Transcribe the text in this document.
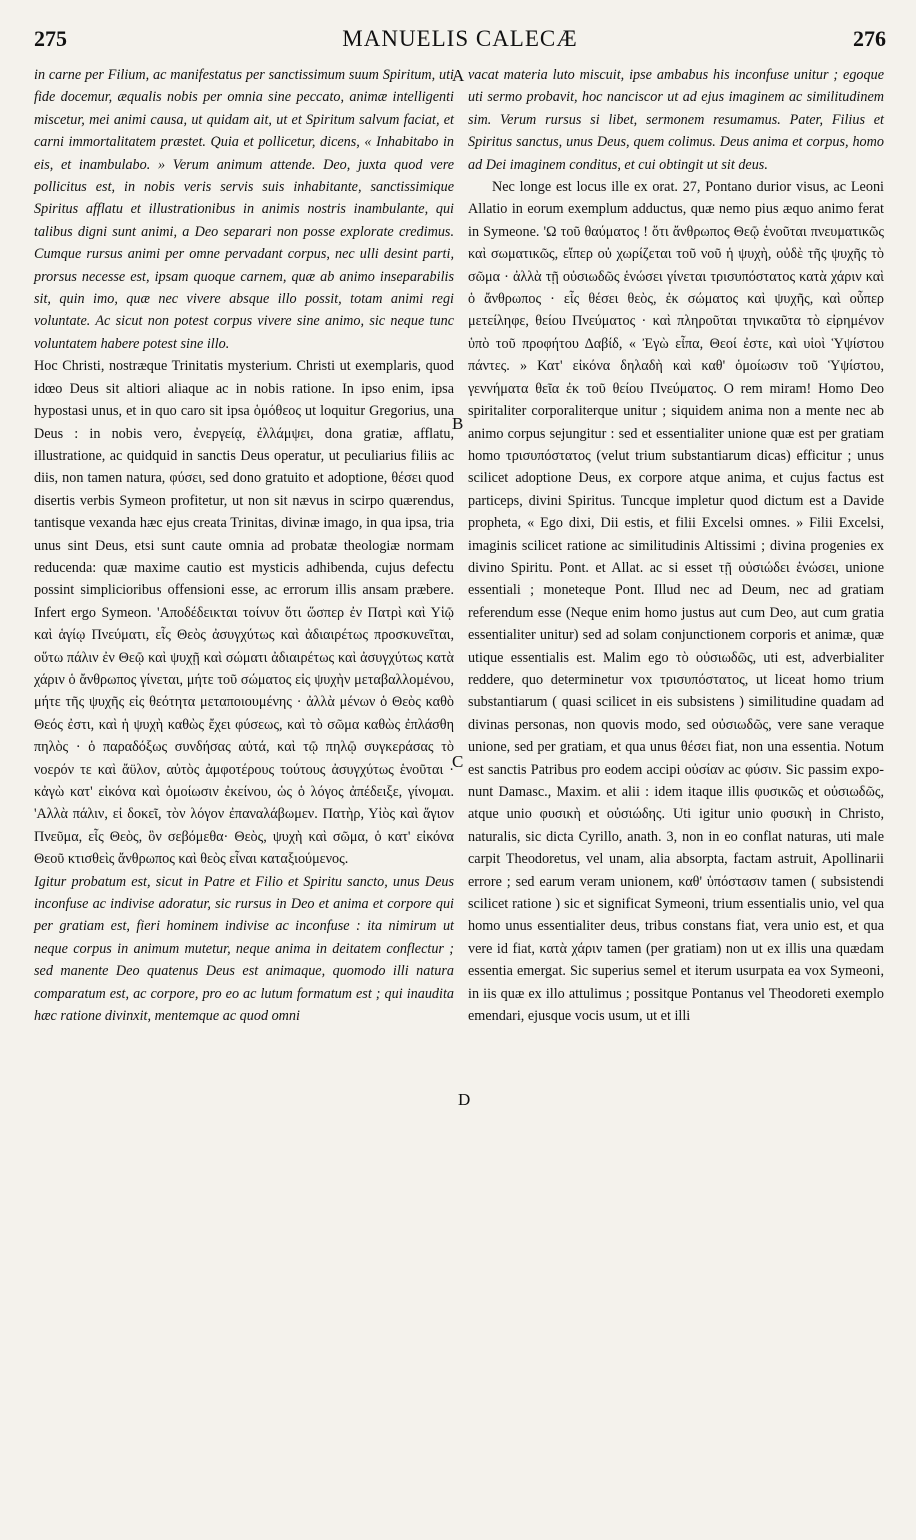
275	MANUELIS CALECÆ	276

in carne per Filium, ac manifestatus per sanctissimum suum Spiritum, uti fide docemur, æqualis nobis per omnia sine peccato, animæ intelligenti miscetur, mei animi causa, ut quidam ait, ut et Spiritum salvum faciat, et carni immortalitatem præstet. Quia et pollicetur, dicens, « Inhabitabo in eis, et inambulabo. » Verum animum attende. Deo, juxta quod vere pollicitus est, in nobis veris servis suis inhabitante, sanctissimique Spiritus afflatu et illustrationibus in animis nostris inambulante, qui talibus digni sunt animi, a Deo separari non posse explorate credimus. Cumque rursus animi per omne pervadant corpus, nec ulli desint parti, prorsus necesse est, ipsam quoque carnem, quæ ab animo inseparabilis sit, quin imo, quæ nec vivere absque illo possit, totam animi regi voluntate. Ac sicut non potest corpus vivere sine animo, sic neque tunc voluntatem habere potest sine illo.

Hoc Christi, nostræque Trinitatis mysterium. Christi ut exemplaris, quod idœo Deus sit altiori aliaque ac in nobis ratione. In ipso enim, ipsa hypostasi unus, et in quo caro sit ipsa ὁμόθεος ut loquitur Gregorius, una Deus : in nobis vero, ἐνεργείᾳ, ἐλλάμψει, dona gratiæ, afflatu, illustratione, ac quidquid in sanctis Deus operatur, ut peculiarius filiis ac diis, non tamen natura, φύσει, sed dono gratuito et adoptione, θέσει quod disertis verbis Symeon profitetur, ut non sit nævus in scirpo quærendus, tantisque vexanda hæc ejus creata Trinitas, divinæ imago, in qua ipsa, tria unus sint Deus, etsi sunt caute omnia ad probatæ theologiæ normam reducenda: quæ maxime cautio est mysticis adhibenda, cujus defectu possint simplicioribus offensioni esse, ac errorum illis ansam præbere. Infert ergo Symeon. 'Αποδέδεικται τοίνυν ὅτι ὥσπερ ἐν Πατρὶ καὶ Υἱῷ καὶ ἁγίῳ Πνεύματι, εἷς Θεὸς ἀσυγχύτως καὶ ἀδιαιρέτως προσκυνεῖται, οὕτω πάλιν ἐν Θεῷ καὶ ψυχῇ καὶ σώματι ἀδιαιρέτως καὶ ἀσυγχύτως κατὰ χάριν ὁ ἄνθρωπος γίνεται, μήτε τοῦ σώματος εἰς ψυχὴν μεταβαλλομένου, μήτε τῆς ψυχῆς εἰς θεότητα μεταποιουμένης · ἀλλὰ μένων ὁ Θεὸς καθὸ Θεός ἐστι, καὶ ἡ ψυχὴ καθὼς ἔχει φύσεως, καὶ τὸ σῶμα καθὼς ἐπλάσθη πηλὸς · ὁ παραδόξως συνδήσας αὐτά, καὶ τῷ πηλῷ συγκεράσας τὸ νοερόν τε καὶ ἄϋλον, αὐτὸς ἀμφοτέρους τούτους ἀσυγχύτως ἑνοῦται · κἀγὼ κατ' εἰκόνα καὶ ὁμοίωσιν ἐκείνου, ὡς ὁ λόγος ἀπέδειξε, γίνομαι. 'Αλλὰ πάλιν, εἰ δοκεῖ, τὸν λόγον ἐπαναλάβωμεν. Πατὴρ, Υἱὸς καὶ ἅγιον Πνεῦμα, εἷς Θεὸς, ὃν σεβόμεθα· Θεὸς, ψυχὴ καὶ σῶμα, ὁ κατ' εἰκόνα Θεοῦ κτισθεὶς ἄνθρωπος καὶ θεὸς εἶναι καταξιούμενος.

Igitur probatum est, sicut in Patre et Filio et Spiritu sancto, unus Deus inconfuse ac indivise adoratur, sic rursus in Deo et anima et corpore qui per gratiam est, fieri hominem indivise ac inconfuse : ita nimirum ut neque corpus in animum mutetur, neque anima in deitatem conflectur ; sed manente Deo quatenus Deus est animaque, quomodo illi natura comparatum est, ac corpore, pro eo ac lutum formatum est ; qui inaudita hæc ratione divinxit, mentemque ac quod omni

vacat materia luto miscuit, ipse ambabus his inconfuse unitur ; egoque uti sermo probavit, hoc nanciscor ut ad ejus imaginem ac similitudinem sim. Verum rursus si libet, sermonem resumamus. Pater, Filius et Spiritus sanctus, unus Deus, quem colimus. Deus anima et corpus, homo ad Dei imaginem conditus, et cui obtingit ut sit deus.

Nec longe est locus ille ex orat. 27, Pontano durior visus, ac Leoni Allatio in eorum exemplum adductus, quæ nemo pius æquo animo ferat in Symeone. 'Ω τοῦ θαύματος ! ὅτι ἄνθρωπος Θεῷ ἑνοῦται πνευματικῶς καὶ σωματικῶς, εἴπερ οὐ χωρίζεται τοῦ νοῦ ἡ ψυχὴ, οὐδὲ τῆς ψυχῆς τὸ σῶμα · ἀλλὰ τῇ οὐσιωδῶς ἑνώσει γίνεται τρισυπόστατος κατὰ χάριν καὶ ὁ ἄνθρωπος · εἷς θέσει θεὸς, ἐκ σώματος καὶ ψυχῆς, καὶ οὗπερ μετείληφε, θείου Πνεύματος · καὶ πληροῦται τηνικαῦτα τὸ εἰρημένον ὑπὸ τοῦ προφήτου Δαβίδ, « Ἐγὼ εἶπα, Θεοί ἐστε, καὶ υἱοὶ Ὑψίστου πάντες. » Κατ' εἰκόνα δηλαδὴ καὶ καθ' ὁμοίωσιν τοῦ Ὑψίστου, γεννήματα θεῖα ἐκ τοῦ θείου Πνεύματος. O rem miram! Homo Deo spiritaliter corporaliterque unitur ; siquidem anima non a mente nec ab animo corpus sejungitur : sed et essentialiter unione quæ est per gratiam homo τρισυπόστατος (velut trium substantiarum dicas) efficitur ; unus scilicet adoptione Deus, ex corpore atque anima, et cujus factus est particeps, divini Spiritus. Tuncque impletur quod dictum est a Davide propheta, « Ego dixi, Dii estis, et filii Excelsi omnes. » Filii Excelsi, imaginis scilicet ratione ac similitudinis Altissimi ; divina progenies ex divino Spiritu. Pont. et Allat. ac si esset τῇ οὐσιώδει ἑνώσει, unione essentiali ; moneteque Pont. Illud nec ad Deum, nec ad gratiam referendum esse (Neque enim homo justus aut cum Deo, aut cum gratia essentialiter unitur) sed ad solam conjunctionem corporis et animæ, quæ utique essentialis est. Malim ego τὸ οὐσιωδῶς, uti est, adverbialiter reddere, quo determinetur vox τρισυπόστατος, ut liceat homo trium substantiarum ( quasi scilicet in eis subsistens ) similitudine quadam ad divinas personas, non quovis modo, sed οὐσιωδῶς, vere sane veraque unione, sed per gratiam, et qua unus θέσει fiat, non una essentia. Notum est sanctis Patribus pro eodem accipi οὐσίαν ac φύσιν. Sic passim expo-nunt Damasc., Maxim. et alii : idem itaque illis φυσικῶς et οὐσιωδῶς, atque unio φυσικὴ et οὐσιώδης. Uti igitur unio φυσικὴ in Christo, naturalis, sic dicta Cyrillo, anath. 3, non in eo conflat naturas, uti male carpit Theodoretus, vel unam, alia absorpta, factam astruit, Apollinarii errore ; sed earum veram unionem, καθ' ὑπόστασιν tamen ( subsistendi scilicet ratione ) sic et significat Symeoni, trium essentialis unio, vel qua homo unus essentialiter deus, tribus constans fiat, vera unio est, et qua vere id fiat, κατὰ χάριν tamen (per gratiam) non ut ex illis una quædam essentia emergat. Sic superius semel et iterum usurpata ea vox Symeoni, in iis quæ ex illo attulimus ; possitque Pontanus vel Theodoreti exemplo emendari, ejusque vocis usum, ut et illi

A
B
C
D
